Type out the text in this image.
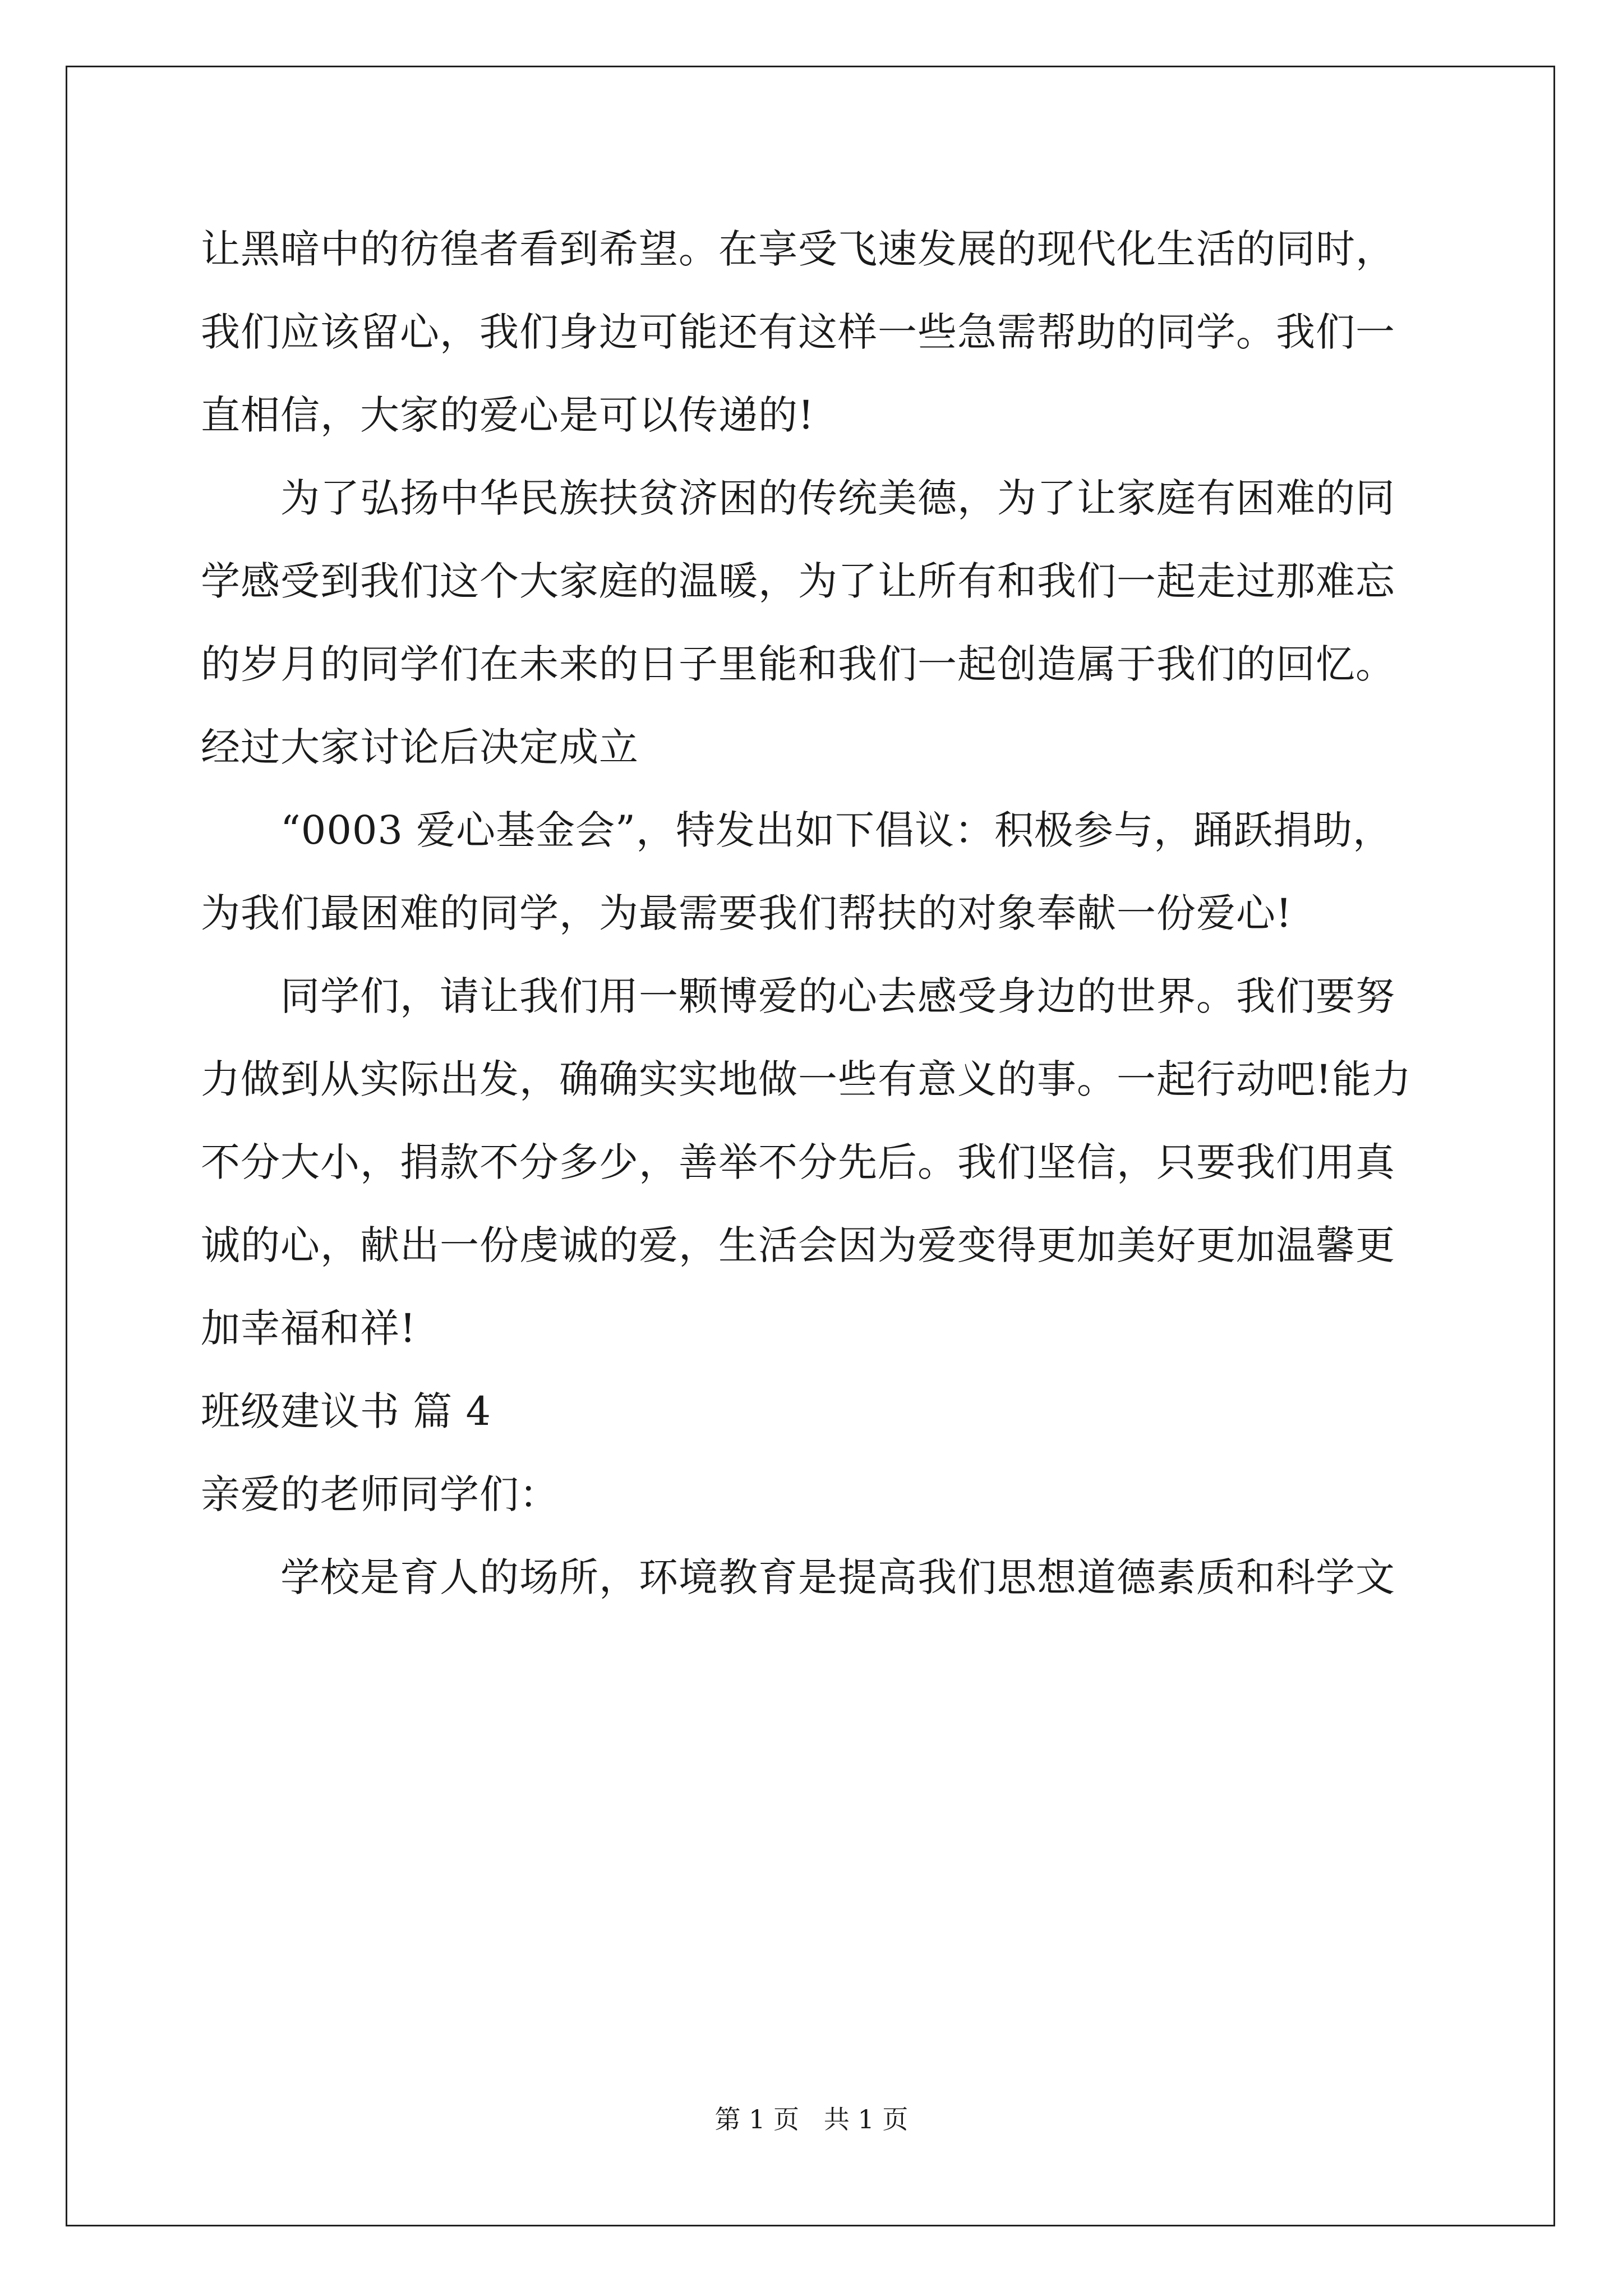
让黑暗中的彷徨者看到希望。在享受飞速发展的现代化生活的同时，
我们应该留心，我们身边可能还有这样一些急需帮助的同学。我们一
直相信，大家的爱心是可以传递的!
为了弘扬中华民族扶贫济困的传统美德，为了让家庭有困难的同
学感受到我们这个大家庭的温暖，为了让所有和我们一起走过那难忘
的岁月的同学们在未来的日子里能和我们一起创造属于我们的回忆。
经过大家讨论后决定成立
“0003 爱心基金会”，特发出如下倡议：积极参与，踊跃捐助，
为我们最困难的同学，为最需要我们帮扶的对象奉献一份爱心!
同学们，请让我们用一颗博爱的心去感受身边的世界。我们要努
力做到从实际出发，确确实实地做一些有意义的事。一起行动吧!能力
不分大小，捐款不分多少，善举不分先后。我们坚信，只要我们用真
诚的心，献出一份虔诚的爱，生活会因为爱变得更加美好更加温馨更
加幸福和祥!
班级建议书 篇 4
亲爱的老师同学们：
学校是育人的场所，环境教育是提高我们思想道德素质和科学文
第 1 页   共 1 页
